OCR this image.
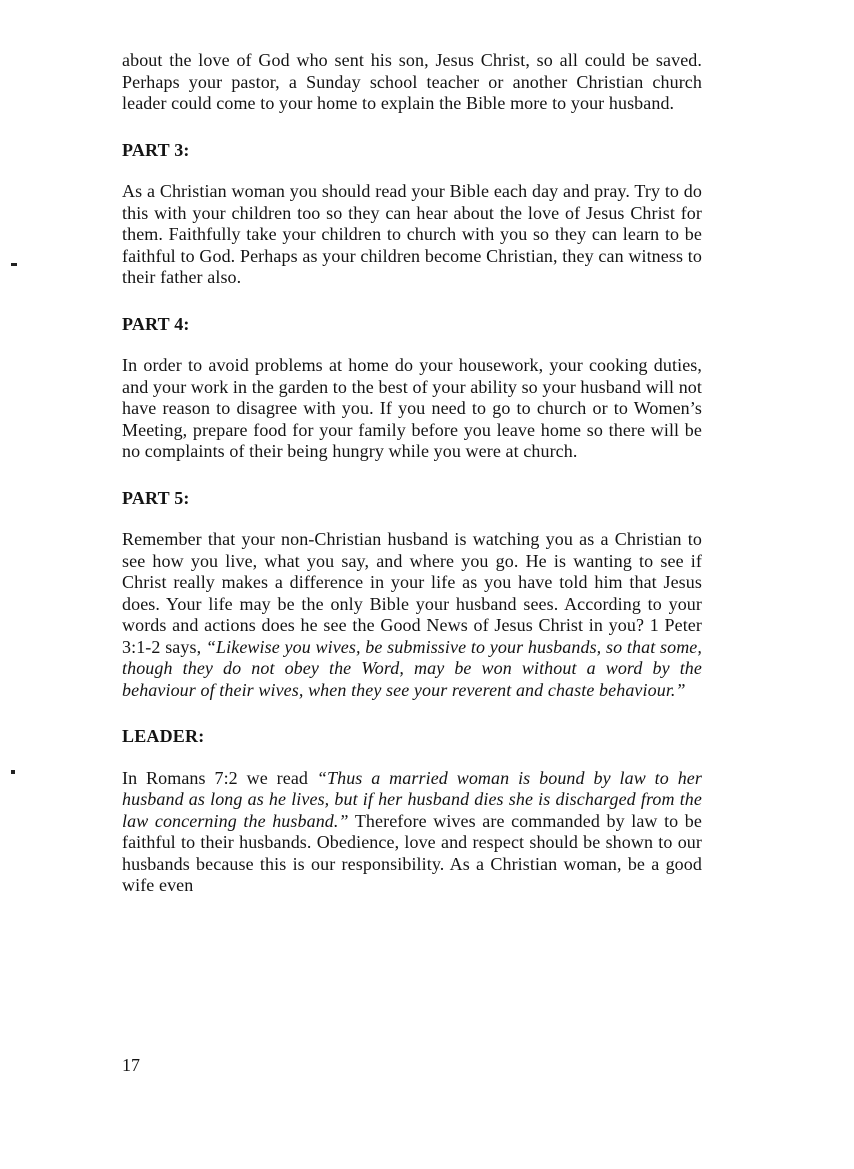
about the love of God who sent his son, Jesus Christ, so all could be saved. Perhaps your pastor, a Sunday school teacher or another Christian church leader could come to your home to explain the Bible more to your husband.

PART 3:

As a Christian woman you should read your Bible each day and pray. Try to do this with your children too so they can hear about the love of Jesus Christ for them. Faithfully take your children to church with you so they can learn to be faithful to God. Perhaps as your children become Christian, they can witness to their father also.

PART 4:

In order to avoid problems at home do your housework, your cooking duties, and your work in the garden to the best of your ability so your husband will not have reason to disagree with you. If you need to go to church or to Women’s Meeting, prepare food for your family before you leave home so there will be no complaints of their being hungry while you were at church.

PART 5:

Remember that your non-Christian husband is watching you as a Christian to see how you live, what you say, and where you go. He is wanting to see if Christ really makes a difference in your life as you have told him that Jesus does. Your life may be the only Bible your husband sees. According to your words and actions does he see the Good News of Jesus Christ in you? 1 Peter 3:1-2 says, “Likewise you wives, be submissive to your husbands, so that some, though they do not obey the Word, may be won without a word by the behaviour of their wives, when they see your reverent and chaste behaviour.”

LEADER:

In Romans 7:2 we read “Thus a married woman is bound by law to her husband as long as he lives, but if her husband dies she is discharged from the law concerning the husband.” Therefore wives are commanded by law to be faithful to their husbands. Obedience, love and respect should be shown to our husbands because this is our responsibility. As a Christian woman, be a good wife even

17
